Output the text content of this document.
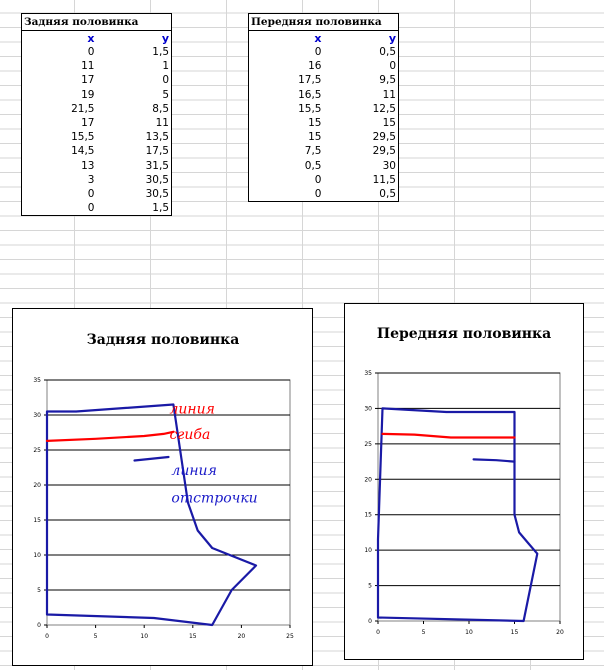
Задняя половинка	
x	y
0	1,5
11	1
17	0
19	5
21,5	8,5
17	11
15,5	13,5
14,5	17,5
13	31,5
3	30,5
0	30,5
0	1,5
Передняя половинка	
x	y
0	0,5
16	0
17,5	9,5
16,5	11
15,5	12,5
15	15
15	29,5
7,5	29,5
0,5	30
0	11,5
0	0,5
Задняя половинка
0
5
10
15
20
25
30
35
0	5	10	15	20	25
линия
сгиба
линия
отстрочки
Передняя половинка
0
5
10
15
20
25
30
35
0	5	10	15	20
